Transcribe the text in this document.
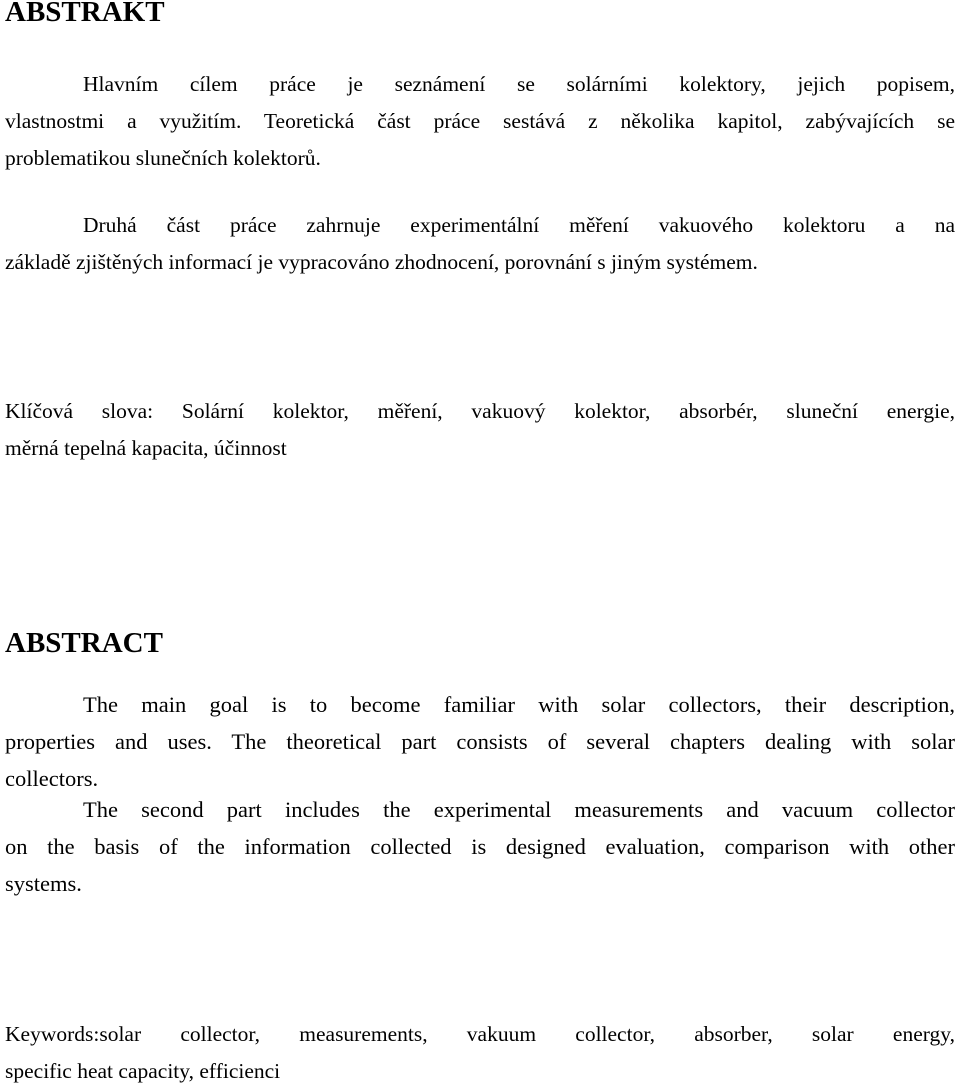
ABSTRAKT
Hlavním cílem práce je seznámení se solárními kolektory, jejich popisem,
vlastnostmi a využitím. Teoretická část práce sestává z několika kapitol, zabývajících se
problematikou slunečních kolektorů.
Druhá část práce zahrnuje experimentální měření vakuového kolektoru a na
základě zjištěných informací je vypracováno zhodnocení, porovnání s jiným systémem.
Klíčová slova: Solární kolektor, měření, vakuový kolektor, absorbér, sluneční energie,
měrná tepelná kapacita, účinnost
ABSTRACT
The main goal is to become familiar with solar collectors, their description,
properties and uses. The theoretical part consists of several chapters dealing with solar
collectors.
The second part includes the experimental measurements and vacuum collector
on the basis of the information collected is designed evaluation, comparison with other
systems.
Keywords:solar collector, measurements, vakuum collector, absorber, solar energy,
specific heat capacity, efficienci
